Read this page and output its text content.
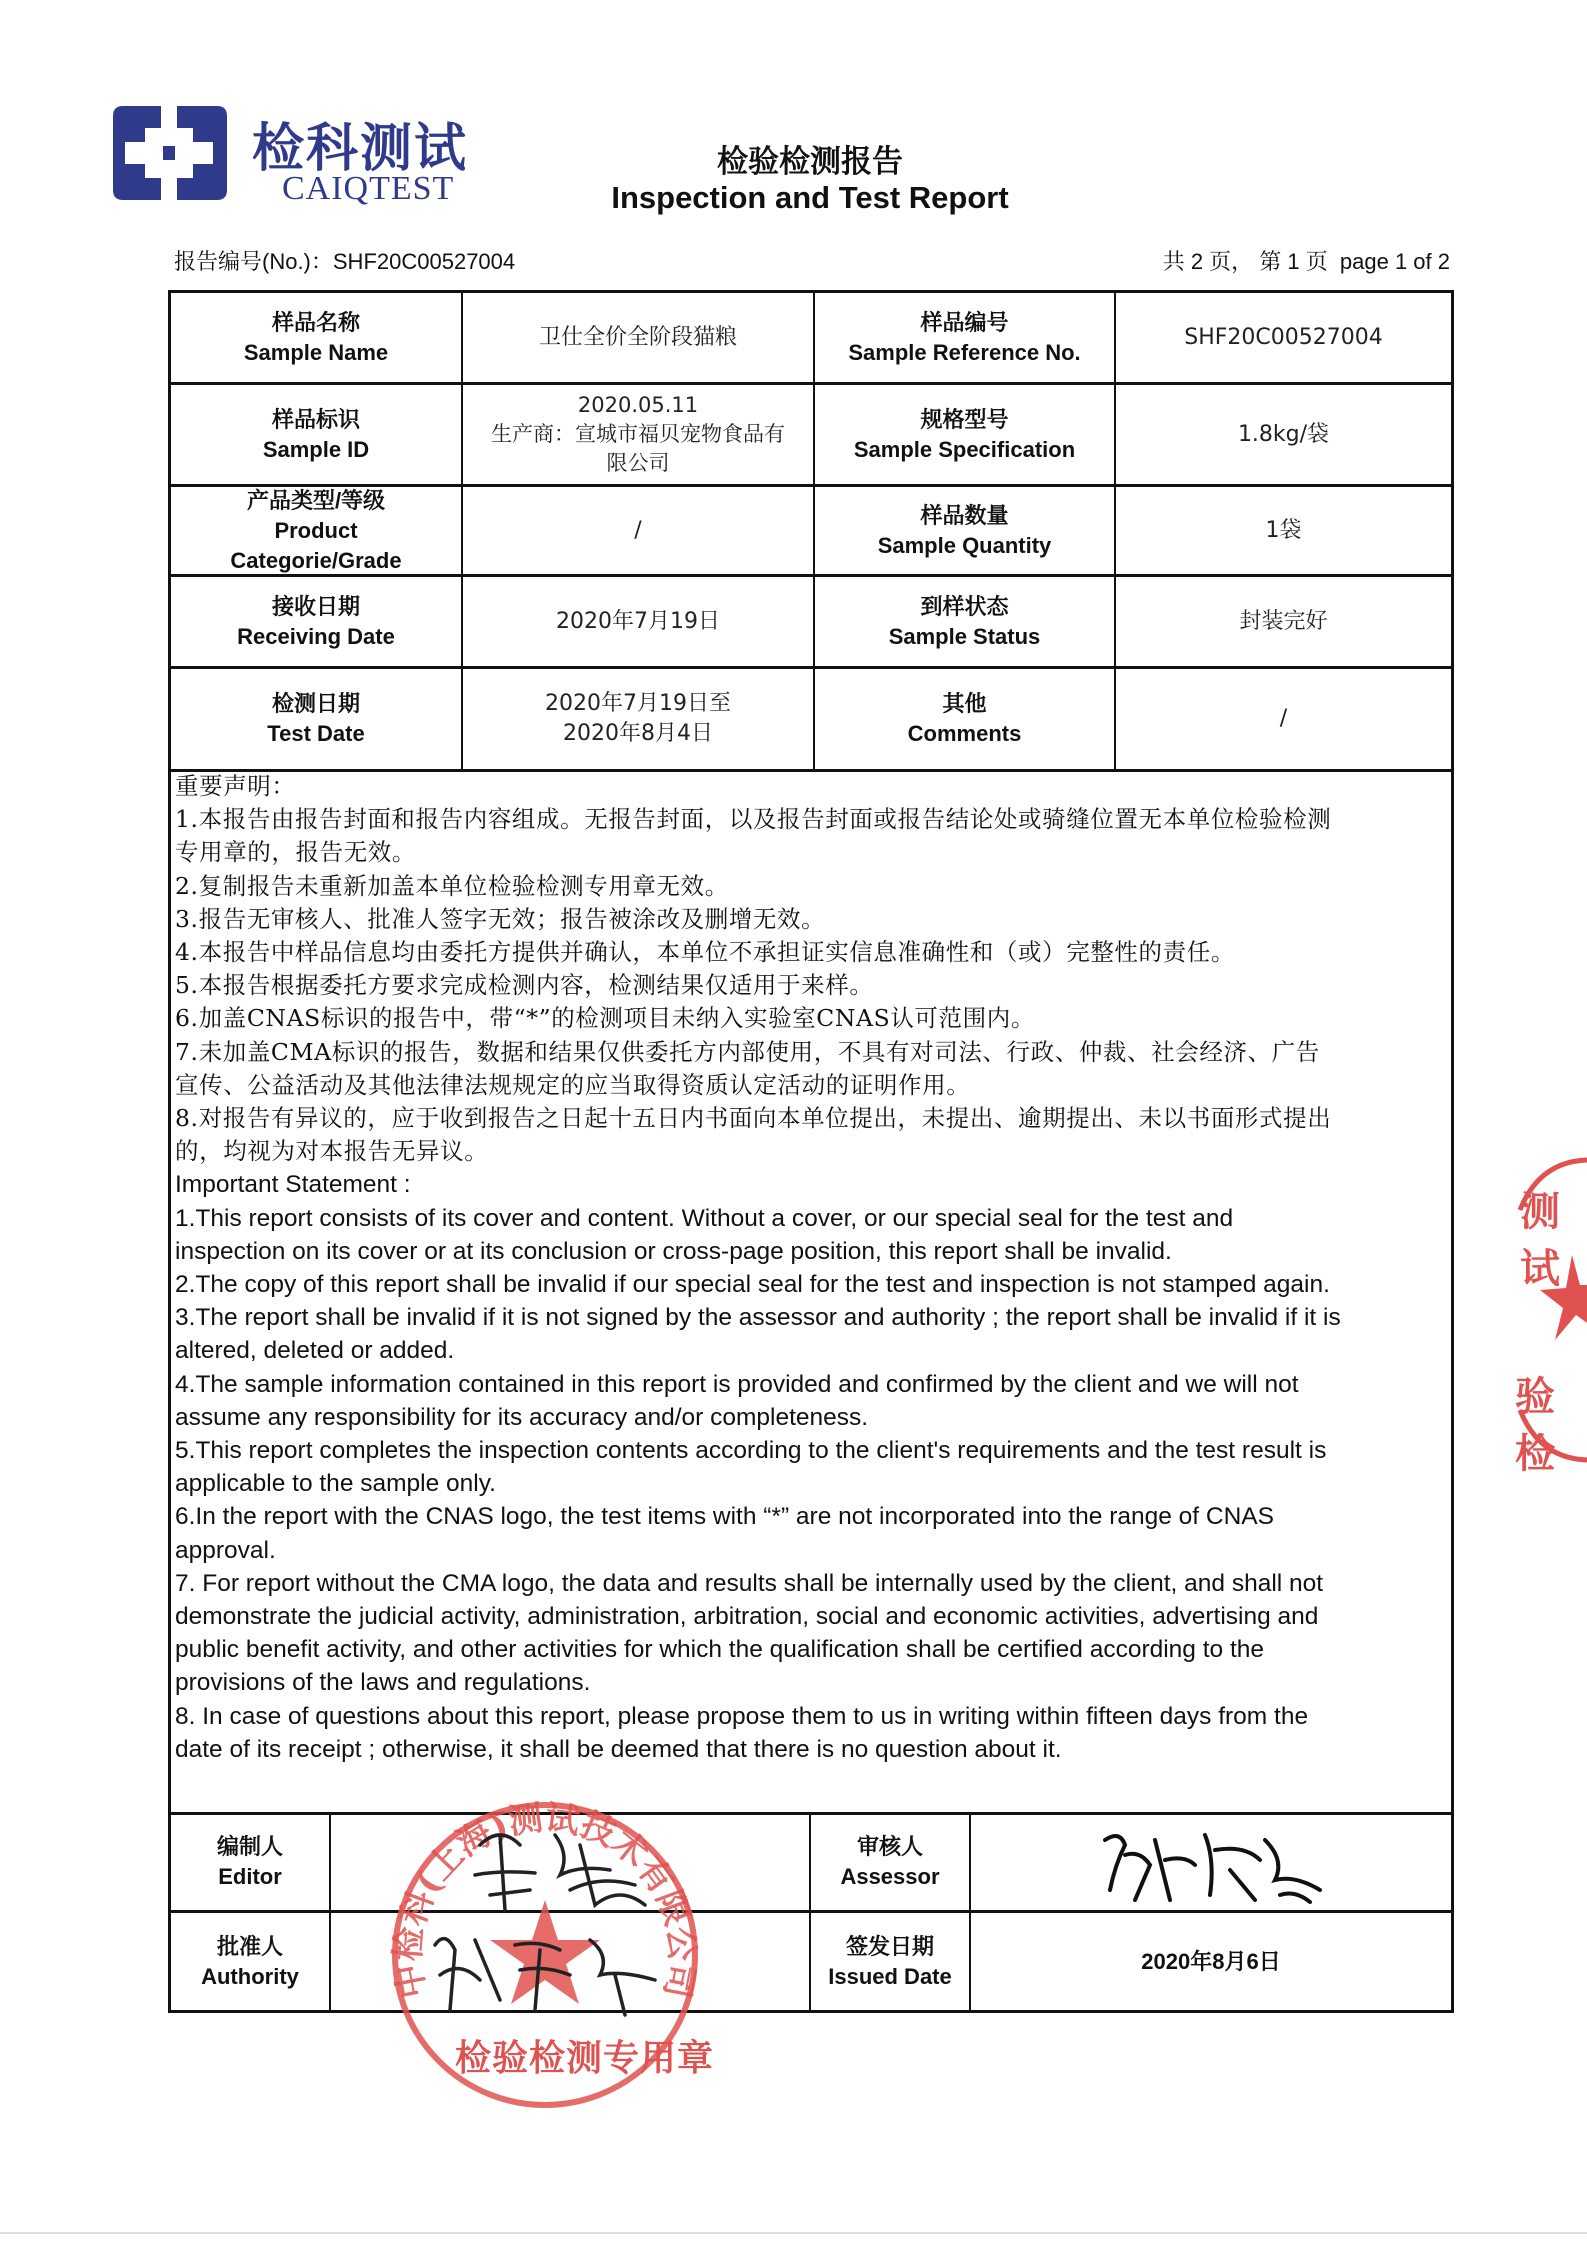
检科测试
CAIQTEST
检验检测报告
Inspection and Test Report
报告编号(No.)：SHF20C00527004	共 2 页， 第 1 页 page 1 of 2
样品名称
Sample Name
卫仕全价全阶段猫粮
样品编号
Sample Reference No.
SHF20C00527004
样品标识
Sample ID
2020.05.11
生产商：宣城市福贝宠物食品有
限公司
规格型号
Sample Specification
1.8kg/袋
产品类型/等级
Product
Categorie/Grade
/
样品数量
Sample Quantity
1袋
接收日期
Receiving Date
2020年7月19日
到样状态
Sample Status
封装完好
检测日期
Test Date
2020年7月19日至
2020年8月4日
其他
Comments
/

重要声明：

1.本报告由报告封面和报告内容组成。无报告封面，以及报告封面或报告结论处或骑缝位置无本单位检验检测

专用章的，报告无效。

2.复制报告未重新加盖本单位检验检测专用章无效。

3.报告无审核人、批准人签字无效；报告被涂改及删增无效。

4.本报告中样品信息均由委托方提供并确认，本单位不承担证实信息准确性和（或）完整性的责任。

5.本报告根据委托方要求完成检测内容，检测结果仅适用于来样。

6.加盖CNAS标识的报告中，带“*”的检测项目未纳入实验室CNAS认可范围内。

7.未加盖CMA标识的报告，数据和结果仅供委托方内部使用，不具有对司法、行政、仲裁、社会经济、广告

宣传、公益活动及其他法律法规规定的应当取得资质认定活动的证明作用。

8.对报告有异议的，应于收到报告之日起十五日内书面向本单位提出，未提出、逾期提出、未以书面形式提出

的，均视为对本报告无异议。

Important Statement :

1.This report consists of its cover and content. Without a cover, or our special seal for the test and

inspection on its cover or at its conclusion or cross-page position, this report shall be invalid.

2.The copy of this report shall be invalid if our special seal for the test and inspection is not stamped again.

3.The report shall be invalid if it is not signed by the assessor and authority ; the report shall be invalid if it is

altered, deleted or added.

4.The sample information contained in this report is provided and confirmed by the client and we will not

assume any responsibility for its accuracy and/or completeness.

5.This report completes the inspection contents according to the client's requirements and the test result is

applicable to the sample only.

6.In the report with the CNAS logo, the test items with “*” are not incorporated into the range of CNAS

approval.

7. For report without the CMA logo, the data and results shall be internally used by the client, and shall not

demonstrate the judicial activity, administration, arbitration, social and economic activities, advertising and

public benefit activity, and other activities for which the qualification shall be certified according to the

provisions of the laws and regulations.

8. In case of questions about this report, please propose them to us in writing within fifteen days from the

date of its receipt ; otherwise, it shall be deemed that there is no question about it.

编制人
Editor
审核人
Assessor
批准人
Authority
签发日期
Issued Date
2020年8月6日
中检科(上海)测试技术有限公司
检验检测专用章
测试
验检
